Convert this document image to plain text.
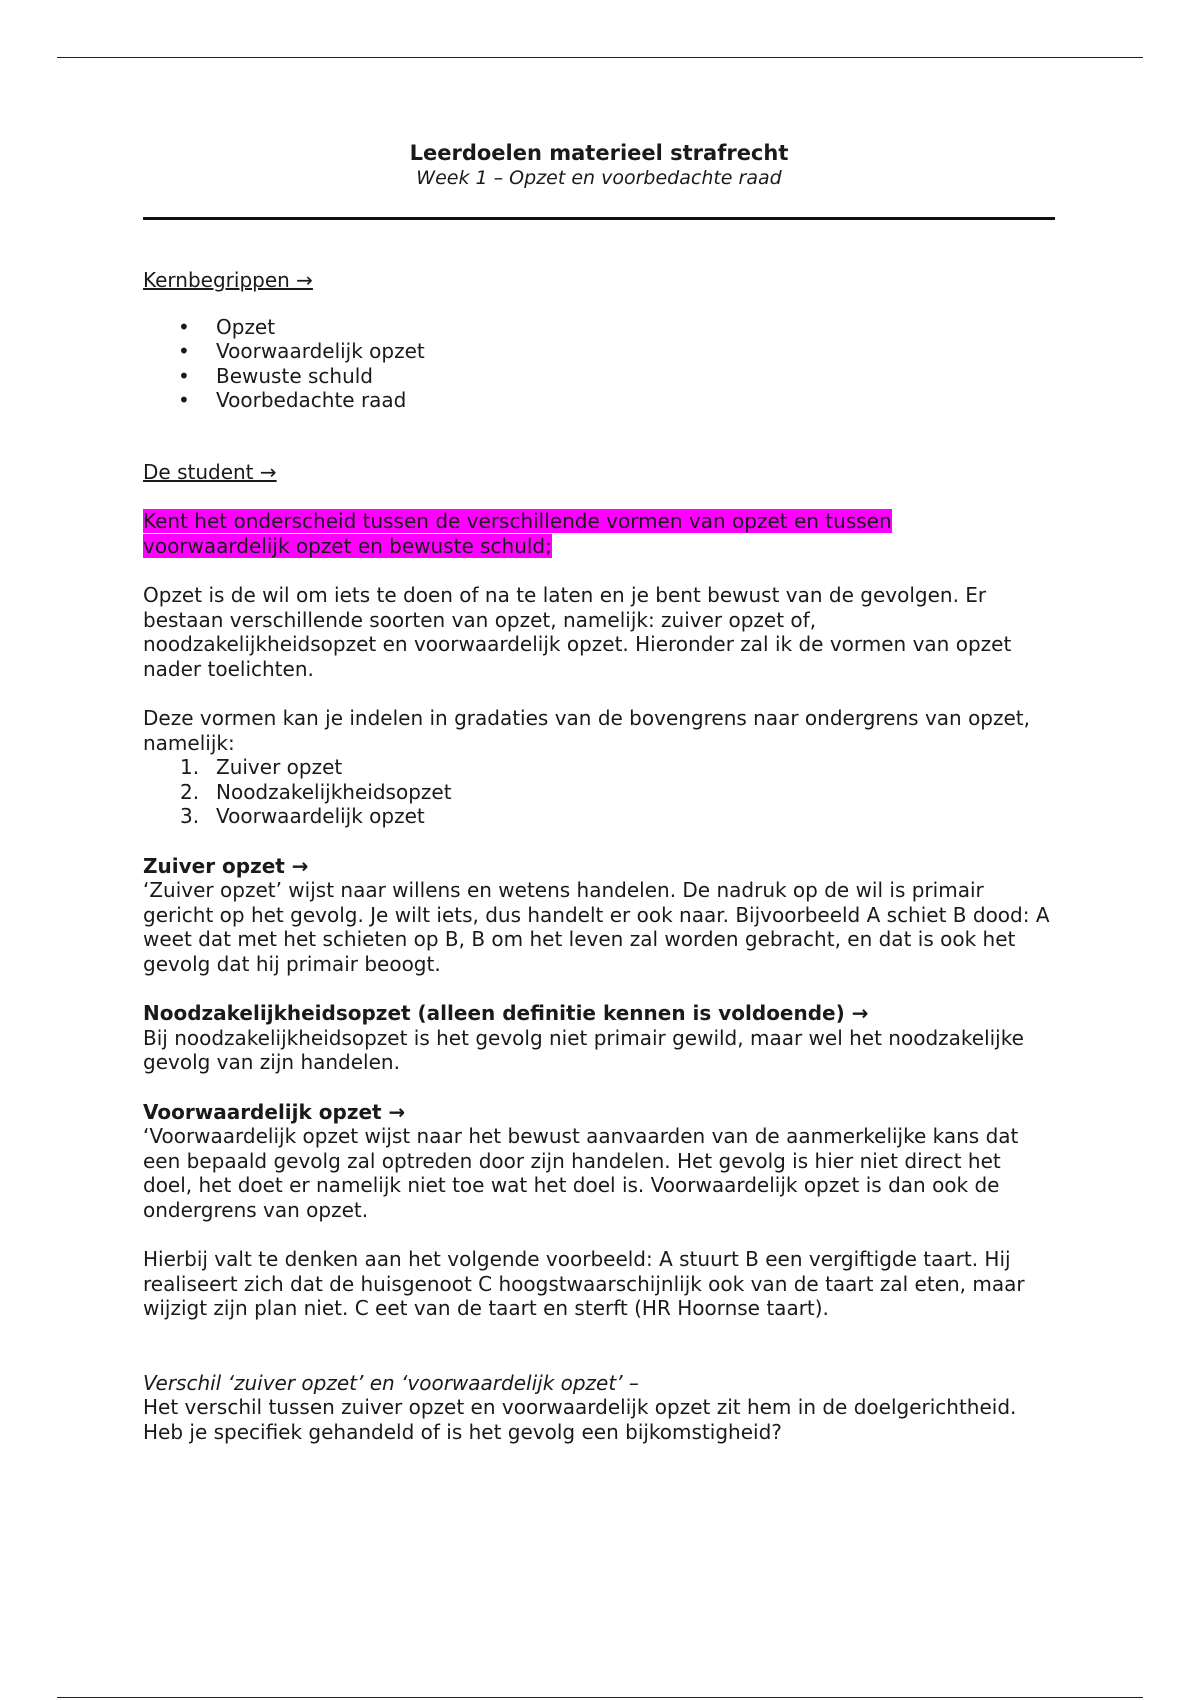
Leerdoelen materieel strafrecht
Week 1 – Opzet en voorbedachte raad
Kernbegrippen →
• Opzet
• Voorwaardelijk opzet
• Bewuste schuld
• Voorbedachte raad
De student →

Kent het onderscheid tussen de verschillende vormen van opzet en tussen voorwaardelijk opzet en bewuste schuld;

Opzet is de wil om iets te doen of na te laten en je bent bewust van de gevolgen. Er bestaan verschillende soorten van opzet, namelijk: zuiver opzet of, noodzakelijkheidsopzet en voorwaardelijk opzet. Hieronder zal ik de vormen van opzet nader toelichten.

Deze vormen kan je indelen in gradaties van de bovengrens naar ondergrens van opzet, namelijk:

1. Zuiver opzet
2. Noodzakelijkheidsopzet
3. Voorwaardelijk opzet

Zuiver opzet →

‘Zuiver opzet’ wijst naar willens en wetens handelen. De nadruk op de wil is primair gericht op het gevolg. Je wilt iets, dus handelt er ook naar. Bijvoorbeeld A schiet B dood: A weet dat met het schieten op B, B om het leven zal worden gebracht, en dat is ook het gevolg dat hij primair beoogt.

Noodzakelijkheidsopzet (alleen definitie kennen is voldoende) →

Bij noodzakelijkheidsopzet is het gevolg niet primair gewild, maar wel het noodzakelijke gevolg van zijn handelen.

Voorwaardelijk opzet →

‘Voorwaardelijk opzet wijst naar het bewust aanvaarden van de aanmerkelijke kans dat een bepaald gevolg zal optreden door zijn handelen. Het gevolg is hier niet direct het doel, het doet er namelijk niet toe wat het doel is. Voorwaardelijk opzet is dan ook de ondergrens van opzet.

Hierbij valt te denken aan het volgende voorbeeld: A stuurt B een vergiftigde taart. Hij realiseert zich dat de huisgenoot C hoogstwaarschijnlijk ook van de taart zal eten, maar wijzigt zijn plan niet. C eet van de taart en sterft (HR Hoornse taart).

Verschil ‘zuiver opzet’ en ‘voorwaardelijk opzet’ –

Het verschil tussen zuiver opzet en voorwaardelijk opzet zit hem in de doelgerichtheid. Heb je specifiek gehandeld of is het gevolg een bijkomstigheid?
